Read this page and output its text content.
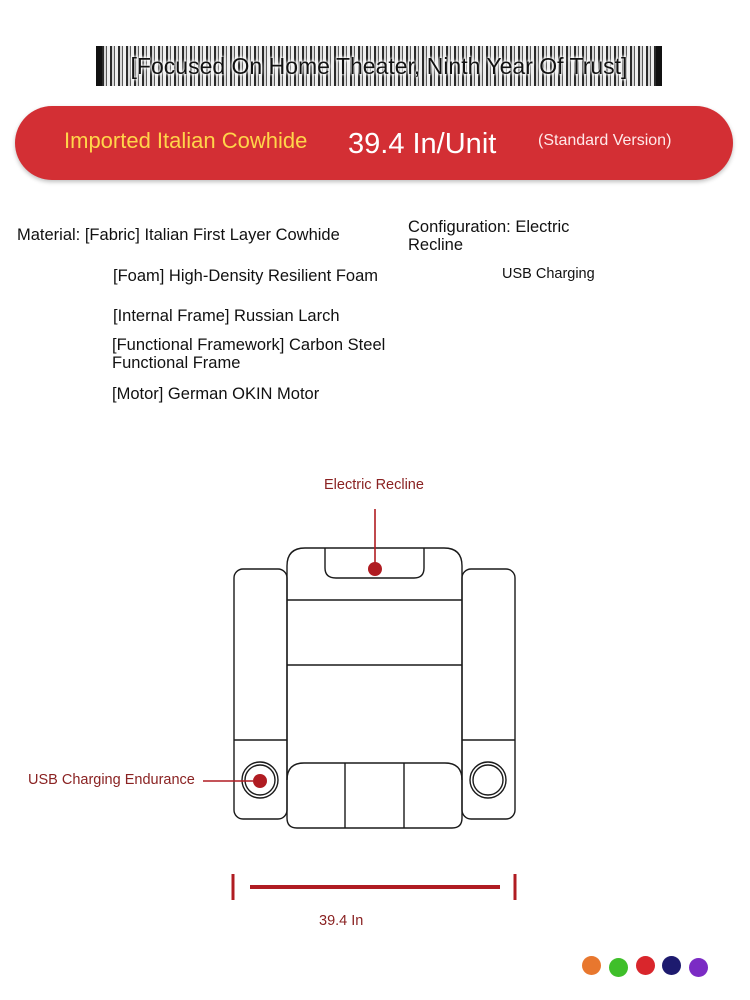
[Focused On Home Theater, Ninth Year Of Trust]
Imported Italian Cowhide 39.4 In/Unit	(Standard Version)
Material: [Fabric] Italian First Layer Cowhide
[Foam] High-Density Resilient Foam
[Internal Frame] Russian Larch
[Functional Framework] Carbon Steel Functional Frame
[Motor] German OKIN Motor
Configuration: Electric Recline
USB Charging
Electric Recline
USB Charging Endurance
39.4 In
